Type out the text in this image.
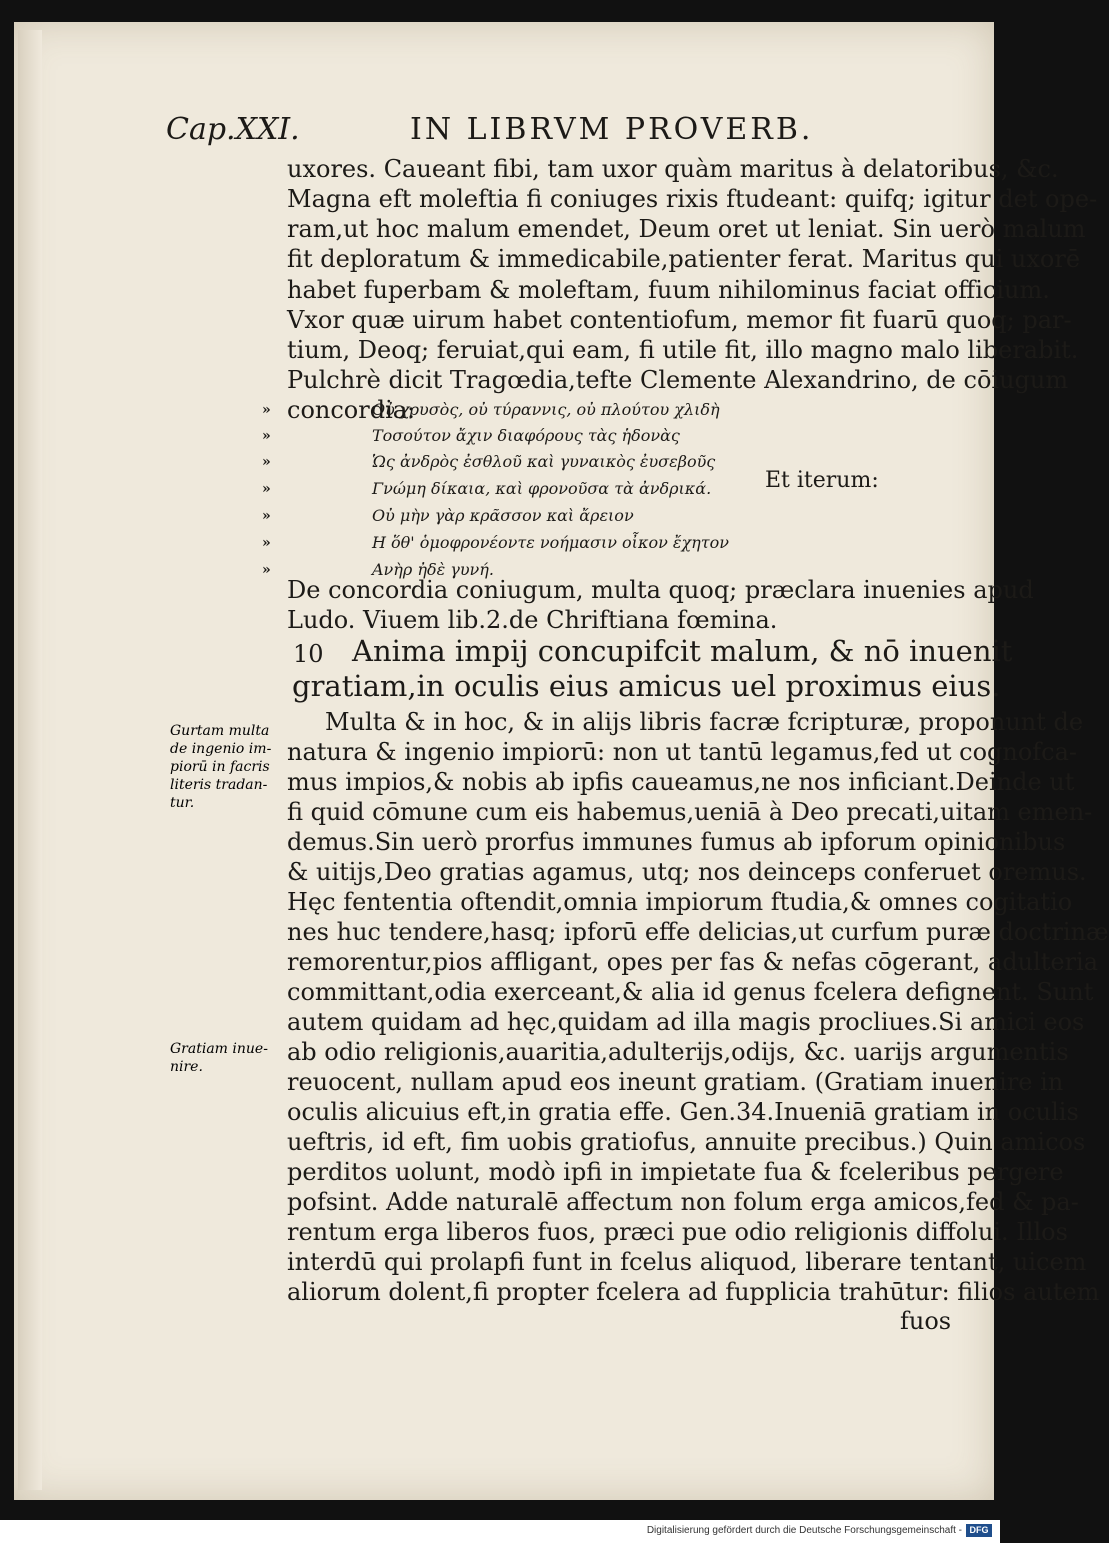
Cap.XXI.	IN LIBRVM PROVERB.
uxores. Caueant fibi, tam uxor quàm maritus à delatoribus, &c.
Magna eft moleftia fi coniuges rixis ftudeant: quifq; igitur det ope-
ram,ut hoc malum emendet, Deum oret ut leniat. Sin uerò malum
fit deploratum & immedicabile,patienter ferat. Maritus qui uxorē
habet fuperbam & moleftam, fuum nihilominus faciat officium.
Vxor quæ uirum habet contentiofum, memor fit fuarū quoq; par-
tium, Deoq; feruiat,qui eam, fi utile fit, illo magno malo liberabit.
Pulchrè dicit Tragœdia,tefte Clemente Alexandrino, de cōiugum
concordia:
»	Οὐ χρυσὸς, οὐ τύραννις, οὐ πλούτου χλιδὴ
»	Τοσούτον ἄχιν διαφόρους τὰς ἡδονὰς
»	Ὡς ἀνδρὸς ἐσθλοῦ καὶ γυναικὸς ἐυσεβοῦς
»	Γνώμη δίκαια, καὶ φρονοῦσα τὰ ἀνδρικά.
»	Οὐ μὴν γὰρ κρᾶσσον καὶ ἄρειον
»	Η ὅθ' ὁμοφρονέοντε νοήμασιν οἶκον ἔχητον
»	Ανὴρ ἠδὲ γυνή.
Et iterum:
De concordia coniugum, multa quoq; præclara inuenies apud
Ludo. Viuem lib.2.de Chriftiana fœmina.
10 Anima impij concupifcit malum, & nō inuenit
gratiam,in oculis eius amicus uel proximus eius.
Multa & in hoc, & in alijs libris facræ fcripturæ, proponunt de
natura & ingenio impiorū: non ut tantū legamus,fed ut cognofca-
mus impios,& nobis ab ipfis caueamus,ne nos inficiant.Deinde ut
fi quid cōmune cum eis habemus,ueniā à Deo precati,uitam emen-
demus.Sin uerò prorfus immunes fumus ab ipforum opinionibus
& uitijs,Deo gratias agamus, utq; nos deinceps conferuet oremus.
Hęc fententia oftendit,omnia impiorum ftudia,& omnes cogitatio
nes huc tendere,hasq; ipforū effe delicias,ut curfum puræ doctrinæ
remorentur,pios affligant, opes per fas & nefas cōgerant, adulteria
committant,odia exerceant,& alia id genus fcelera defignent. Sunt
autem quidam ad hęc,quidam ad illa magis procliues.Si amici eos
ab odio religionis,auaritia,adulterijs,odijs, &c. uarijs argumentis
reuocent, nullam apud eos ineunt gratiam. (Gratiam inuenire in
oculis alicuius eft,in gratia effe. Gen.34.Inueniā gratiam in oculis
ueftris, id eft, fim uobis gratiofus, annuite precibus.) Quin amicos
perditos uolunt, modò ipfi in impietate fua & fceleribus pergere
pofsint. Adde naturalē affectum non folum erga amicos,fed & pa-
rentum erga liberos fuos, præci pue odio religionis diffolui. Illos
interdū qui prolapfi funt in fcelus aliquod, liberare tentant, uicem
aliorum dolent,fi propter fcelera ad fupplicia trahūtur: filios autem
fuos
Gurtam multa
de ingenio im-
piorū in facris
literis tradan-
tur.
Gratiam inue-
nire.
Digitalisierung gefördert durch die Deutsche Forschungsgemeinschaft - DFG
